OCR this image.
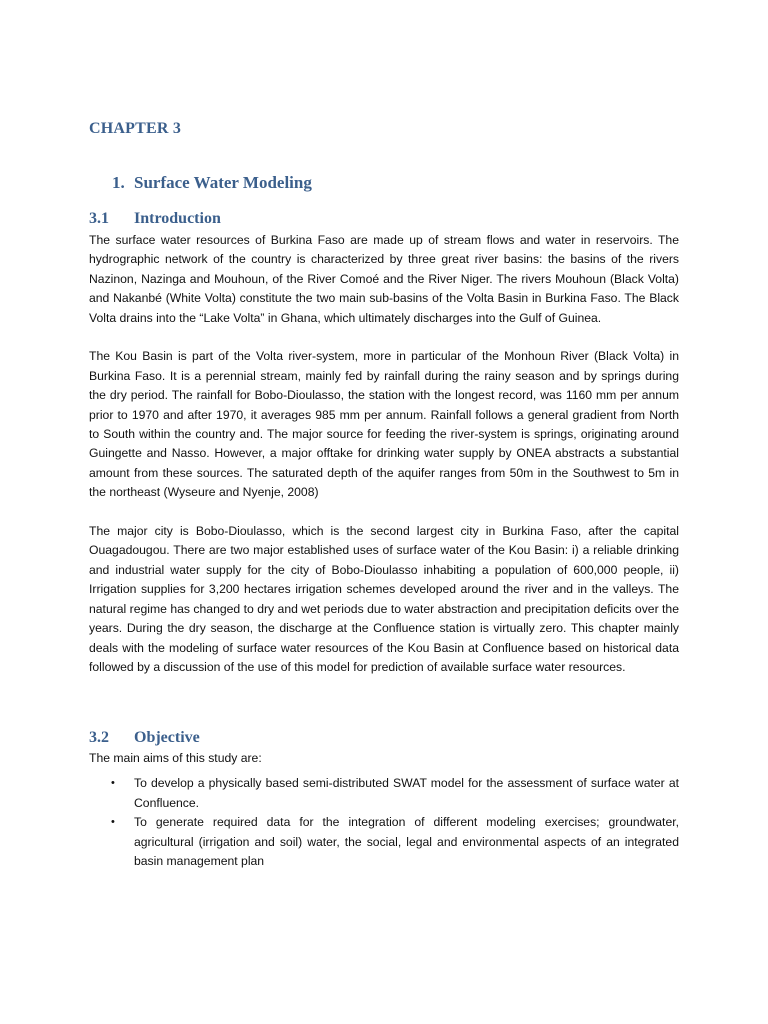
CHAPTER 3
1. Surface Water Modeling
3.1 Introduction

The surface water resources of Burkina Faso are made up of stream flows and water in reservoirs. The hydrographic network of the country is characterized by three great river basins: the basins of the rivers Nazinon, Nazinga and Mouhoun, of the River Comoé and the River Niger. The rivers Mouhoun (Black Volta) and Nakanbé (White Volta) constitute the two main sub-basins of the Volta Basin in Burkina Faso. The Black Volta drains into the “Lake Volta” in Ghana, which ultimately discharges into the Gulf of Guinea.

The Kou Basin is part of the Volta river-system, more in particular of the Monhoun River (Black Volta) in Burkina Faso. It is a perennial stream, mainly fed by rainfall during the rainy season and by springs during the dry period. The rainfall for Bobo-Dioulasso, the station with the longest record, was 1160 mm per annum prior to 1970 and after 1970, it averages 985 mm per annum. Rainfall follows a general gradient from North to South within the country and. The major source for feeding the river-system is springs, originating around Guingette and Nasso. However, a major offtake for drinking water supply by ONEA abstracts a substantial amount from these sources. The saturated depth of the aquifer ranges from 50m in the Southwest to 5m in the northeast (Wyseure and Nyenje, 2008)

The major city is Bobo-Dioulasso, which is the second largest city in Burkina Faso, after the capital Ouagadougou. There are two major established uses of surface water of the Kou Basin: i) a reliable drinking and industrial water supply for the city of Bobo-Dioulasso inhabiting a population of 600,000 people, ii) Irrigation supplies for 3,200 hectares irrigation schemes developed around the river and in the valleys. The natural regime has changed to dry and wet periods due to water abstraction and precipitation deficits over the years. During the dry season, the discharge at the Confluence station is virtually zero. This chapter mainly deals with the modeling of surface water resources of the Kou Basin at Confluence based on historical data followed by a discussion of the use of this model for prediction of available surface water resources.

3.2 Objective

The main aims of this study are:

• To develop a physically based semi-distributed SWAT model for the assessment of surface water at Confluence.
• To generate required data for the integration of different modeling exercises; groundwater, agricultural (irrigation and soil) water, the social, legal and environmental aspects of an integrated basin management plan
